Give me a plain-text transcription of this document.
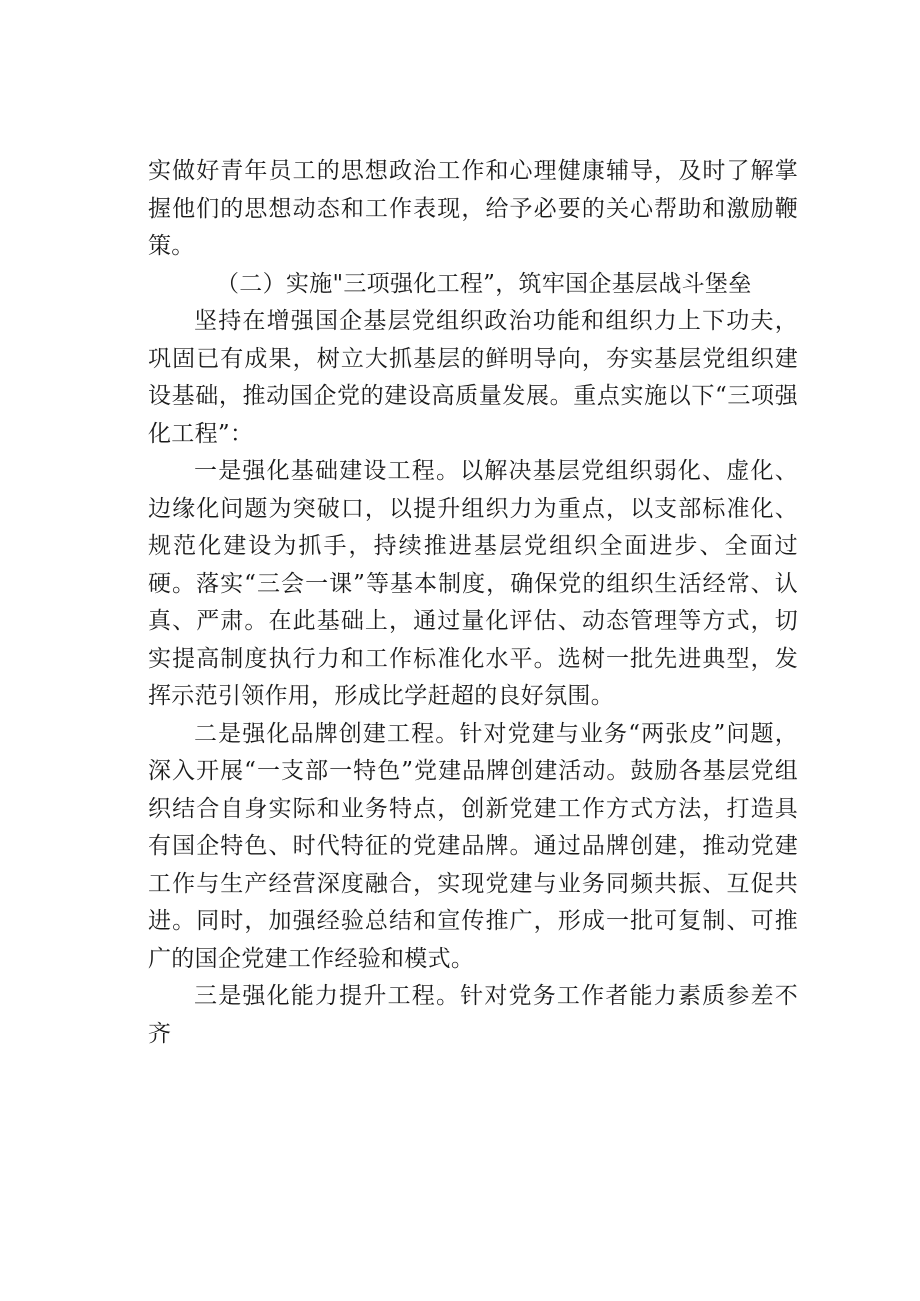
实做好青年员工的思想政治工作和心理健康辅导，及时了解掌握他们的思想动态和工作表现，给予必要的关心帮助和激励鞭策。

（二）实施"三项强化工程”，筑牢国企基层战斗堡垒

坚持在增强国企基层党组织政治功能和组织力上下功夫，巩固已有成果，树立大抓基层的鲜明导向，夯实基层党组织建设基础，推动国企党的建设高质量发展。重点实施以下“三项强化工程”：

一是强化基础建设工程。以解决基层党组织弱化、虚化、边缘化问题为突破口，以提升组织力为重点，以支部标准化、规范化建设为抓手，持续推进基层党组织全面进步、全面过硬。落实“三会一课”等基本制度，确保党的组织生活经常、认真、严肃。在此基础上，通过量化评估、动态管理等方式，切实提高制度执行力和工作标准化水平。选树一批先进典型，发挥示范引领作用，形成比学赶超的良好氛围。

二是强化品牌创建工程。针对党建与业务“两张皮”问题，深入开展“一支部一特色”党建品牌创建活动。鼓励各基层党组织结合自身实际和业务特点，创新党建工作方式方法，打造具有国企特色、时代特征的党建品牌。通过品牌创建，推动党建工作与生产经营深度融合，实现党建与业务同频共振、互促共进。同时，加强经验总结和宣传推广，形成一批可复制、可推广的国企党建工作经验和模式。

三是强化能力提升工程。针对党务工作者能力素质参差不齐
